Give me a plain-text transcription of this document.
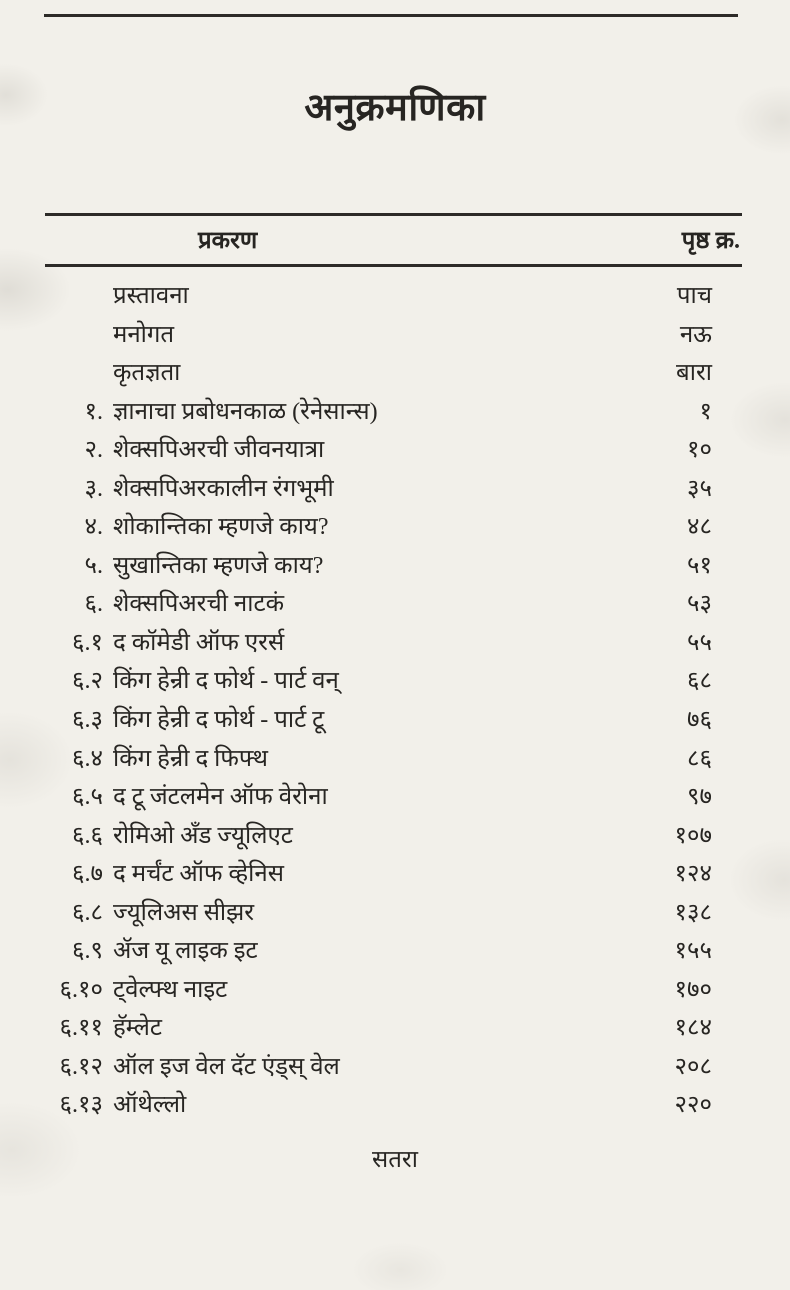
अनुक्रमणिका
प्रकरण	पृष्ठ क्र.
प्रस्तावना	पाच
मनोगत	नऊ
कृतज्ञता	बारा
१. ज्ञानाचा प्रबोधनकाळ (रेनेसान्स)	१
२. शेक्सपिअरची जीवनयात्रा	१०
३. शेक्सपिअरकालीन रंगभूमी	३५
४. शोकान्तिका म्हणजे काय?	४८
५. सुखान्तिका म्हणजे काय?	५१
६. शेक्सपिअरची नाटकं	५३
६.१ द कॉमेडी ऑफ एरर्स	५५
६.२ किंग हेन्री द फोर्थ - पार्ट वन्	६८
६.३ किंग हेन्री द फोर्थ - पार्ट टू	७६
६.४ किंग हेन्री द फिफ्थ	८६
६.५ द टू जंटलमेन ऑफ वेरोना	९७
६.६ रोमिओ अँड ज्यूलिएट	१०७
६.७ द मर्चंट ऑफ व्हेनिस	१२४
६.८ ज्यूलिअस सीझर	१३८
६.९ ॲज यू लाइक इट	१५५
६.१० ट्वेल्फ्थ नाइट	१७०
६.११ हॅम्लेट	१८४
६.१२ ऑल इज वेल दॅट एंड्स् वेल	२०८
६.१३ ऑथेल्लो	२२०
सतरा
